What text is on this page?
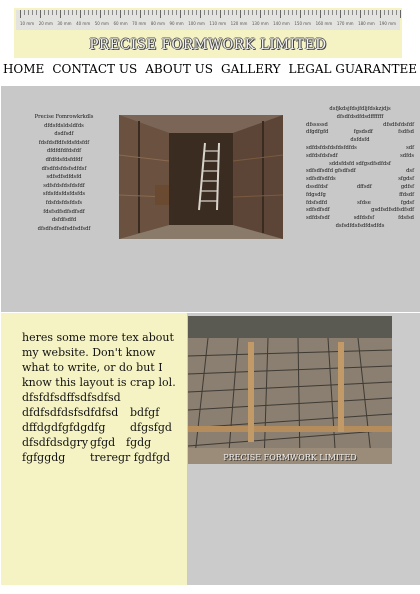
10 mm 20 mm 30 mm 40 mm 50 mm 60 mm 70 mm 80 mm 90 mm 100 mm 110 mm 120 mm 130 mm 140 mm 150 mm 160 mm 170 mm 180 mm 190 mm
PRECISE FORMWORK LIMITED
HOME CONTACT US ABOUT US GALLERY LEGAL GUARANTEE
Precise Fomrowkrkdls
dfdsfdsldsldfds
dsdfsdf
fdsfdsffdfsfdsfdsfdf
dfdfdfdfdsfdf
dfdfdsfdsfdfdf
dfsdfdsfdsfsdfdsf
sdfsdfsdfdsfd
sdfsfdsfdsfdsfdf
sfdsfdsfdsfdsfds
fdsfdsfdsfdsfs
fdsfsdfsdfsdfsdf
dsfdfsdfd
dfsdfsdfsdfsdfsdfsdf
dsfjkdsjfdsjfdljfdskzjdjs
dfsdfdsdfdsdfffffff
dfsssssd	dfsdfsfdsfdf
dfgdfgfd	fgsdsdf	fsdfsd
dsfdsfd
sdfdsfdsfdsfdsfdfds	sdf
sdfdsfdsfsdf	sdfds
sddsfdsfd sdfgsdfsdfdsf
sdfsdfsdfd gfsdfsdf	dsf
sdfsdfsdfds	sfgdsf
dssdfdsf	dffsdf	gdfsf
fdgsdfg	ffdsdf
fdsfsdfd	sfdse	fgdsf
sdfsdfsdf	gsdfsdfsdfsdfsdf
sdfdsfsdf	sdfdsfsf	fdsfsd
dsfsdfdsfsdfdsdfds
heres some more tex about my website. Don't know what to write, or do but I know this layout is crap lol.
dfsfdfsdffsdfsdfsd
dfdfsdfdsfsdfdfsd	bdfgf
dffdgdfgfdgdfg	dfgsfgd
dfsdfdsdgry gfgd fgdg
fgfggdg	treregr fgdfgd	PRECISE FORMWORK LIMITED
